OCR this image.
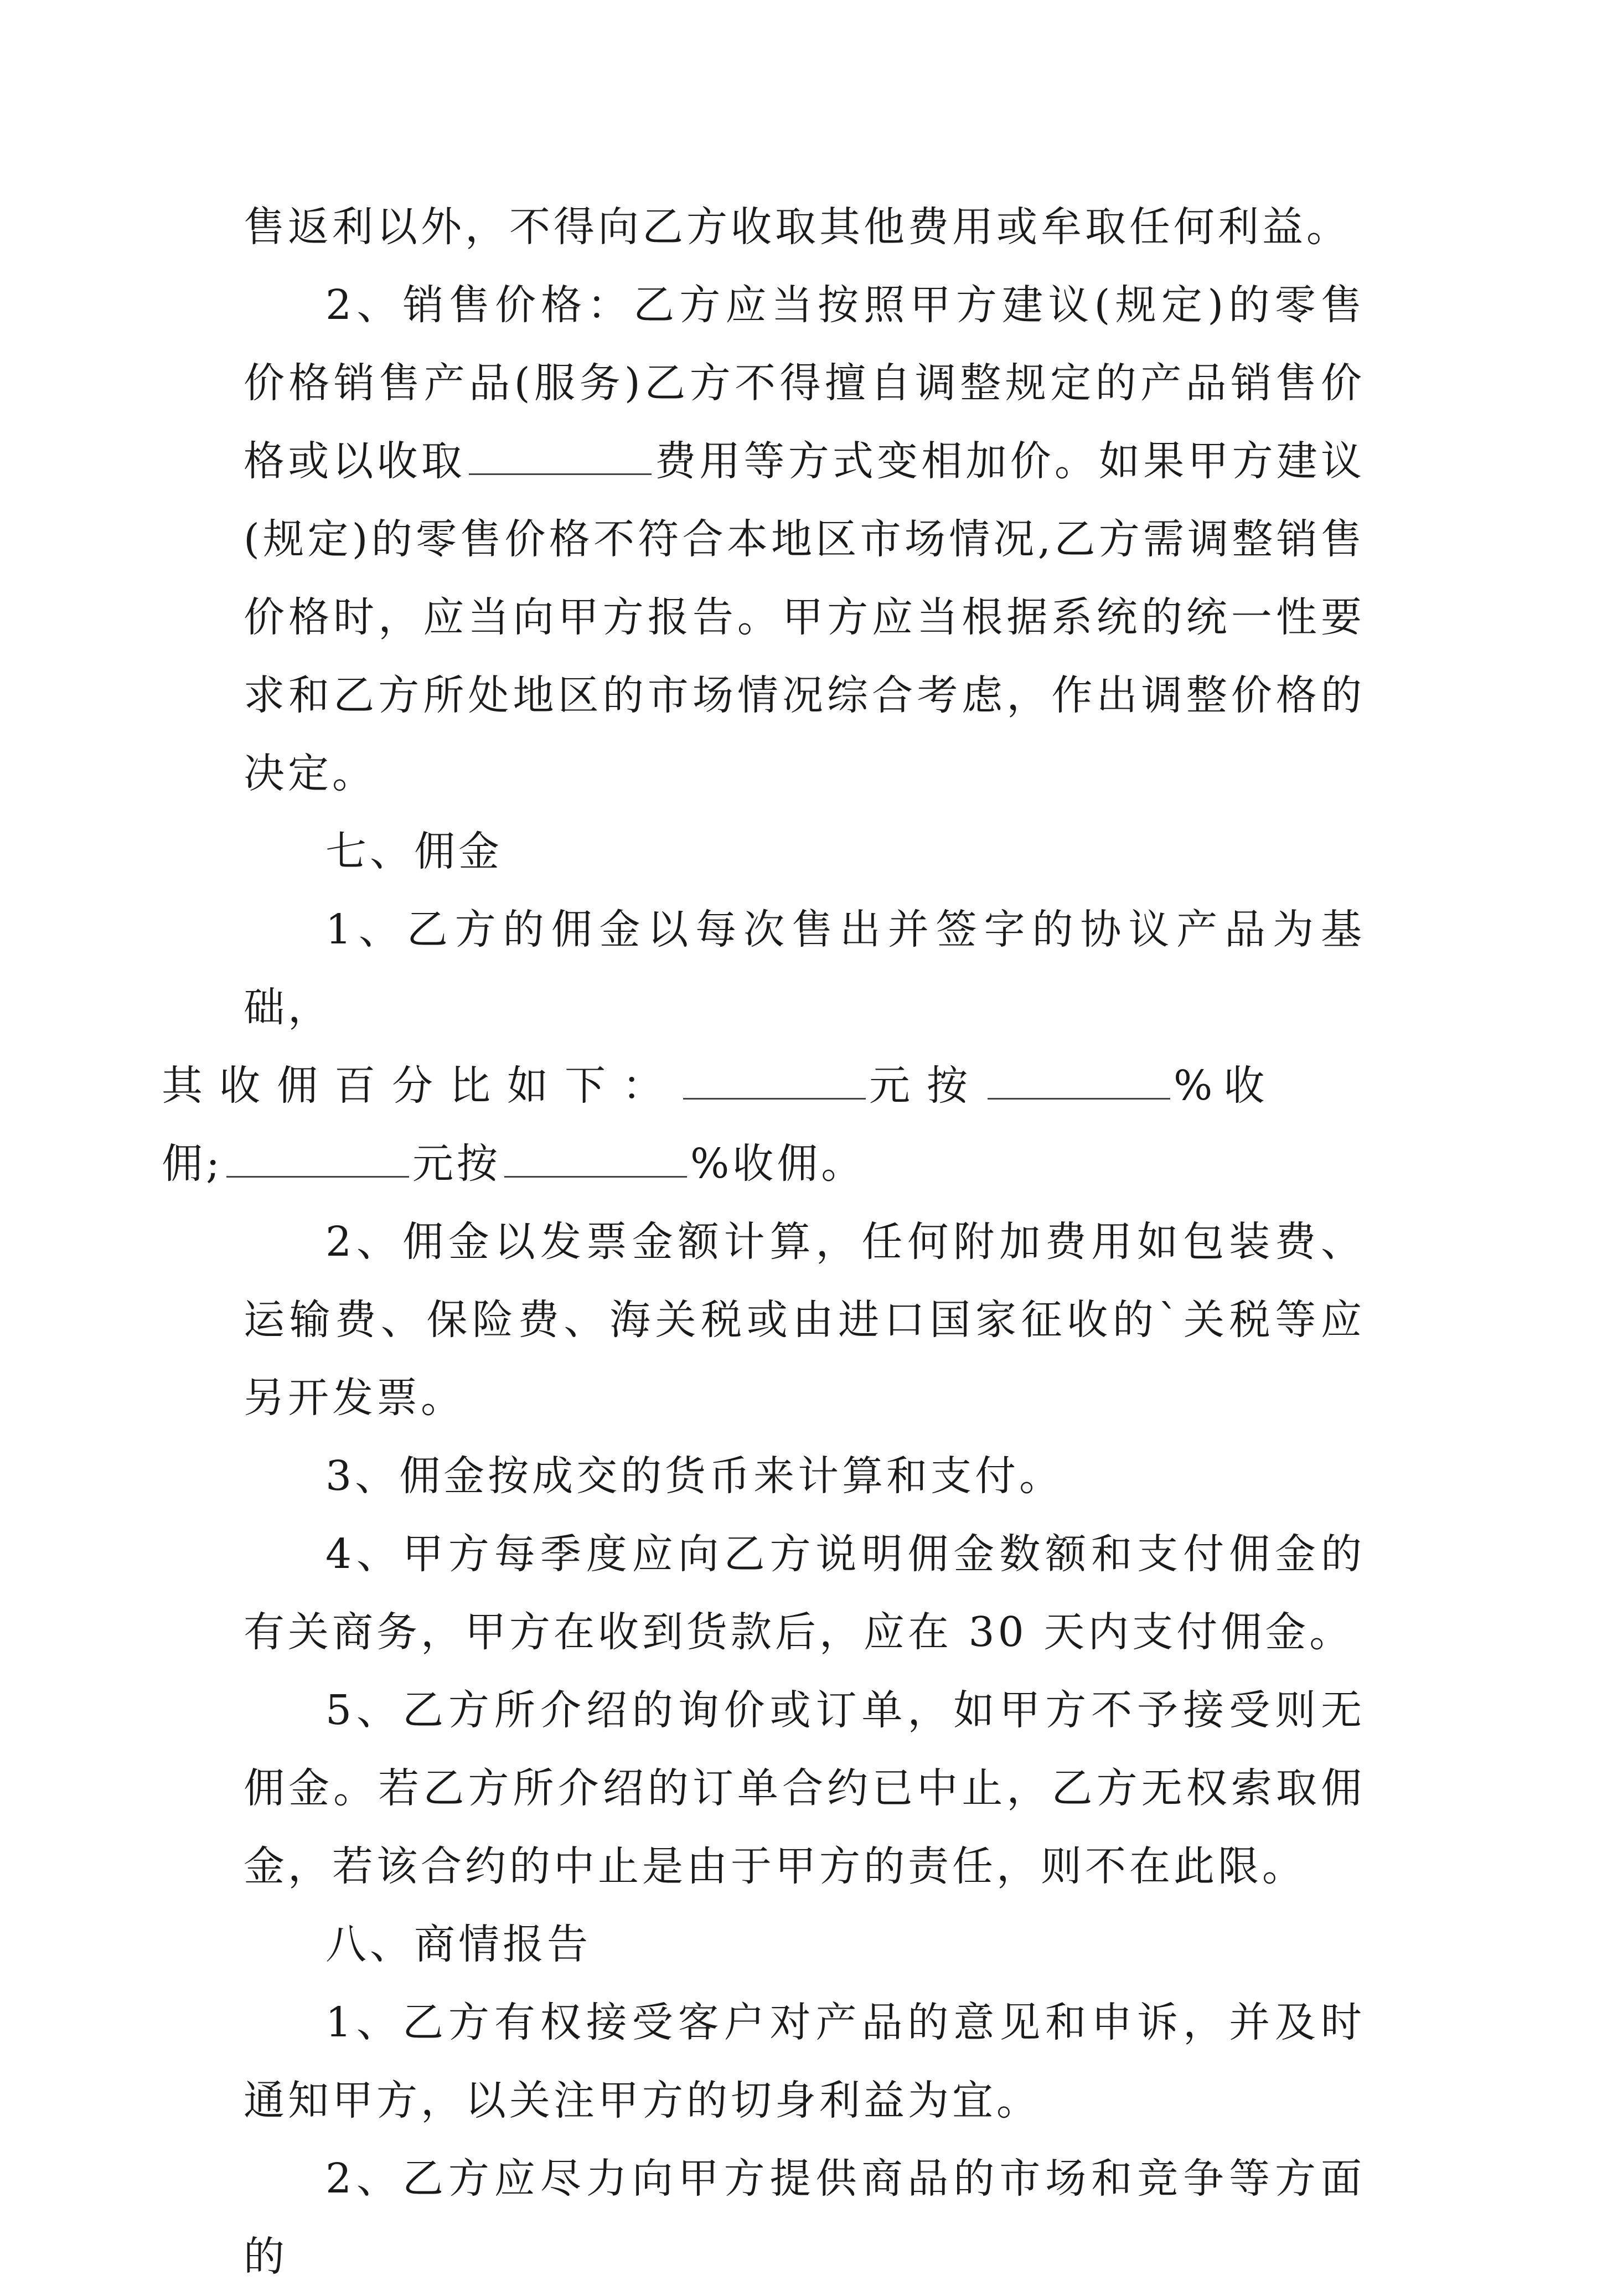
售返利以外，不得向乙方收取其他费用或牟取任何利益。

2、销售价格：乙方应当按照甲方建议(规定)的零售价格销售产品(服务)乙方不得擅自调整规定的产品销售价格或以收取	费用等方式变相加价。如果甲方建议(规定)的零售价格不符合本地区市场情况,乙方需调整销售价格时，应当向甲方报告。甲方应当根据系统的统一性要求和乙方所处地区的市场情况综合考虑，作出调整价格的决定。

七、佣金

1、乙方的佣金以每次售出并签字的协议产品为基础，
其收佣百分比如下：	元按	%收
佣;	元按	%收佣。

2、佣金以发票金额计算，任何附加费用如包装费、运输费、保险费、海关税或由进口国家征收的`关税等应另开发票。

3、佣金按成交的货币来计算和支付。

4、甲方每季度应向乙方说明佣金数额和支付佣金的有关商务，甲方在收到货款后，应在 30 天内支付佣金。

5、乙方所介绍的询价或订单，如甲方不予接受则无佣金。若乙方所介绍的订单合约已中止，乙方无权索取佣金，若该合约的中止是由于甲方的责任，则不在此限。

八、商情报告

1、乙方有权接受客户对产品的意见和申诉，并及时通知甲方，以关注甲方的切身利益为宜。

2、乙方应尽力向甲方提供商品的市场和竞争等方面的
